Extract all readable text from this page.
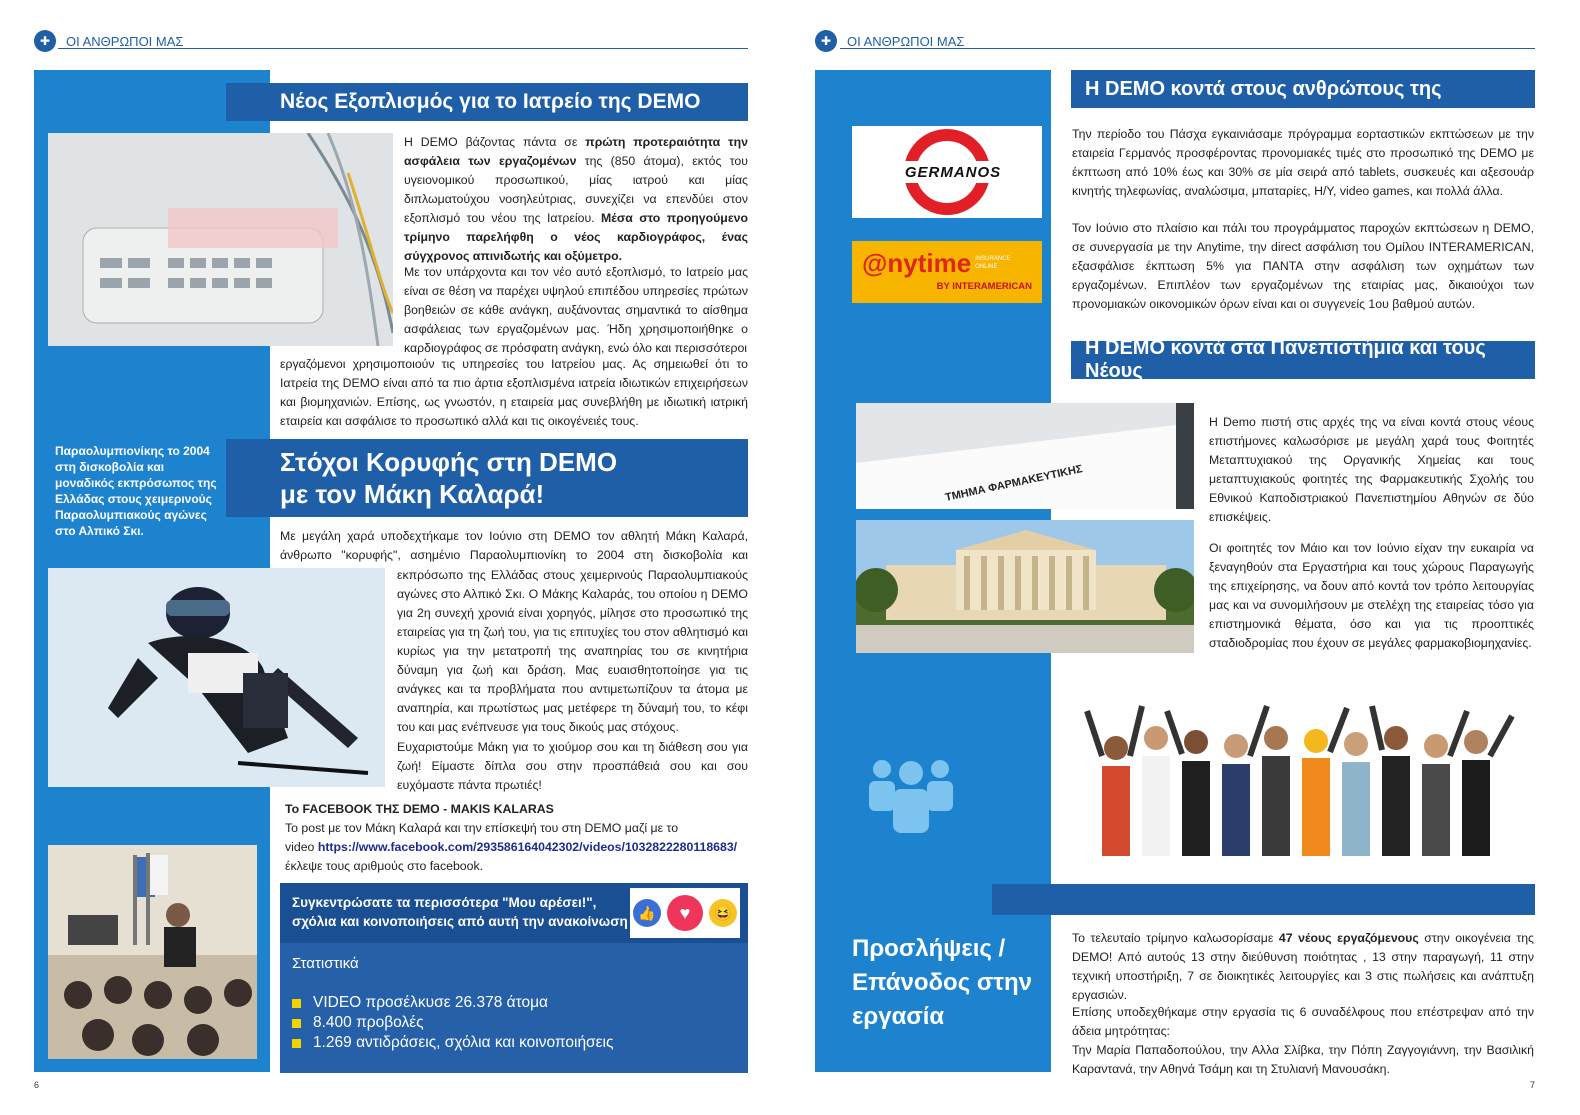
✚	ΟΙ ΑΝΘΡΩΠΟΙ ΜΑΣ
Νέος Εξοπλισμός για το Ιατρείο της DEMO
Η DEMO βάζοντας πάντα σε πρώτη προτεραιότητα την ασφάλεια των εργαζομένων της (850 άτομα), εκτός του υγειονομικού προσωπικού, μίας ιατρού και μίας διπλωματούχου νοσηλεύτριας, συνεχίζει να επενδύει στον εξοπλισμό του νέου της Ιατρείου. Μέσα στο προηγούμενο τρίμηνο παρελήφθη ο νέος καρδιογράφος, ένας σύγχρονος απινιδωτής και οξύμετρο.
Με τον υπάρχοντα και τον νέο αυτό εξοπλισμό, το Ιατρείο μας είναι σε θέση να παρέχει υψηλού επιπέδου υπηρεσίες πρώτων βοηθειών σε κάθε ανάγκη, αυξάνοντας σημαντικά το αίσθημα ασφάλειας των εργαζομένων μας. Ήδη χρησιμοποιήθηκε ο καρδιογράφος σε πρόσφατη ανάγκη, ενώ όλο και περισσότεροι
εργαζόμενοι χρησιμοποιούν τις υπηρεσίες του Ιατρείου μας. Ας σημειωθεί ότι το Ιατρεία της DEMO είναι από τα πιο άρτια εξοπλισμένα ιατρεία ιδιωτικών επιχειρήσεων και βιομηχανιών. Επίσης, ως γνωστόν, η εταιρεία μας συνεβλήθη με ιδιωτική ιατρική εταιρεία και ασφάλισε το προσωπικό αλλά και τις οικογένειές τους.
Παραολυμπιονίκης το 2004 στη δισκοβολία και μοναδικός εκπρόσωπος της Ελλάδας στους χειμερινούς Παραολυμπιακούς αγώνες στο Αλπικό Σκι.
Στόχοι Κορυφής στη DEMO
με τον Μάκη Καλαρά!
Με μεγάλη χαρά υποδεχτήκαμε τον Ιούνιο στη DEMO τον αθλητή Μάκη Καλαρά, άνθρωπο "κορυφής", ασημένιο Παραολυμπιονίκη το 2004 στη δισκοβολία και
εκπρόσωπο της Ελλάδας στους χειμερινούς Παραολυμπιακούς αγώνες στο Αλπικό Σκι. Ο Μάκης Καλαράς, του οποίου η DEMO για 2η συνεχή χρονιά είναι χορηγός, μίλησε στο προσωπικό της εταιρείας για τη ζωή του, για τις επιτυχίες του στον αθλητισμό και κυρίως για την μετατροπή της αναπηρίας του σε κινητήρια δύναμη για ζωή και δράση. Μας ευαισθητοποίησε για τις ανάγκες και τα προβλήματα που αντιμετωπίζουν τα άτομα με αναπηρία, και πρωτίστως μας μετέφερε τη δύναμή του, το κέφι του και μας ενέπνευσε για τους δικούς μας στόχους.
Ευχαριστούμε Μάκη για το χιούμορ σου και τη διάθεση σου για ζωή! Είμαστε δίπλα σου στην προσπάθειά σου και σου ευχόμαστε πάντα πρωτιές!
Το FACEBOOK ΤΗΣ DEMO - MAKIS KALARAS
Το post με τον Μάκη Καλαρά και την επίσκεψή του στη DEMO μαζί με το
video https://www.facebook.com/293586164042302/videos/1032822280118683/
έκλεψε τους αριθμούς στο facebook.
Συγκεντρώσατε τα περισσότερα "Μου αρέσει!", σχόλια και κοινοποιήσεις από αυτή την ανακοίνωση
👍	♥	😆
Στατιστικά
VIDEO προσέλκυσε 26.378 άτομα
8.400 προβολές
1.269 αντιδράσεις, σχόλια και κοινοποιήσεις
6
✚	ΟΙ ΑΝΘΡΩΠΟΙ ΜΑΣ
GERMANOS
@nytime INSURANCE
ONLINE
BY INTERAMERICAN
Η DEMO κοντά στους ανθρώπους της
Την περίοδο του Πάσχα εγκαινιάσαμε πρόγραμμα εορταστικών εκπτώσεων με την εταιρεία Γερμανός προσφέροντας προνομιακές τιμές στο προσωπικό της DEMO με έκπτωση από 10% έως και 30% σε μία σειρά από tablets, συσκευές και αξεσουάρ κινητής τηλεφωνίας, αναλώσιμα, μπαταρίες, Η/Υ, video games, και πολλά άλλα.
Τον Ιούνιο στο πλαίσιο και πάλι του προγράμματος παροχών εκπτώσεων η DEMO, σε συνεργασία με την Anytime, την direct ασφάλιση του Ομίλου INTERAMERICAN, εξασφάλισε έκπτωση 5% για ΠΑΝΤΑ στην ασφάλιση των οχημάτων των εργαζομένων. Επιπλέον των εργαζομένων της εταιρίας μας, δικαιούχοι των προνομιακών οικονομικών όρων είναι και οι συγγενείς 1ου βαθμού αυτών.
Η DEMO κοντά στα Πανεπιστήμια και τους Νέους
ΤΜΗΜΑ ΦΑΡΜΑΚΕΥΤΙΚΗΣ
Η Demo πιστή στις αρχές της να είναι κοντά στους νέους επιστήμονες καλωσόρισε με μεγάλη χαρά τους Φοιτητές Μεταπτυχιακού της Οργανικής Χημείας και τους μεταπτυχιακούς φοιτητές της Φαρμακευτικής Σχολής του Εθνικού Καποδιστριακού Πανεπιστημίου Αθηνών σε δύο επισκέψεις.
Οι φοιτητές τον Μάιο και τον Ιούνιο είχαν την ευκαιρία να ξεναγηθούν στα Εργαστήρια και τους χώρους Παραγωγής της επιχείρησης, να δουν από κοντά τον τρόπο λειτουργίας μας και να συνομιλήσουν με στελέχη της εταιρείας τόσο για επιστημονικά θέματα, όσο και για τις προοπτικές σταδιοδρομίας που έχουν σε μεγάλες φαρμακοβιομηχανίες.
Προσλήψεις / Επάνοδος στην εργασία
Το τελευταίο τρίμηνο καλωσορίσαμε 47 νέους εργαζόμενους στην οικογένεια της DEMO! Από αυτούς 13 στην διεύθυνση ποιότητας , 13 στην παραγωγή, 11 στην τεχνική υποστήριξη, 7 σε διοικητικές λειτουργίες και 3 στις πωλήσεις και ανάπτυξη εργασιών.
Επίσης υποδεχθήκαμε στην εργασία τις 6 συναδέλφους που επέστρεψαν από την άδεια μητρότητας:
Την Μαρία Παπαδοπούλου, την Αλλα Σλίβκα, την Πόπη Ζαγγογιάννη, την Βασιλική Καραντανά, την Αθηνά Τσάμη και τη Στυλιανή Μανουσάκη.
7
